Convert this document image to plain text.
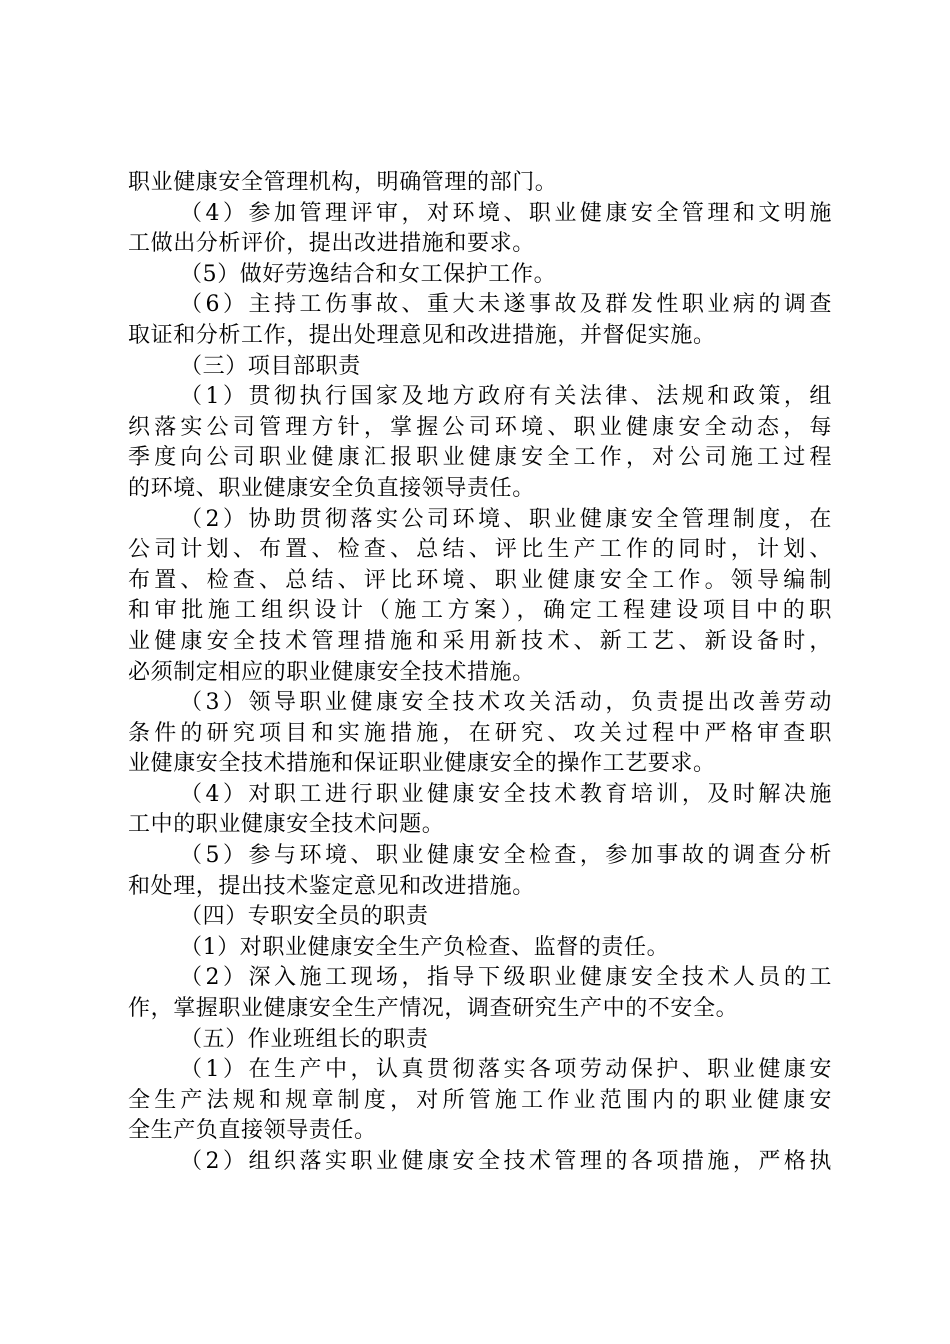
职业健康安全管理机构，明确管理的部门。
（4）参加管理评审，对环境、职业健康安全管理和文明施
工做出分析评价，提出改进措施和要求。
（5）做好劳逸结合和女工保护工作。
（6）主持工伤事故、重大未遂事故及群发性职业病的调查
取证和分析工作，提出处理意见和改进措施，并督促实施。
（三）项目部职责
（1）贯彻执行国家及地方政府有关法律、法规和政策，组
织落实公司管理方针，掌握公司环境、职业健康安全动态，每
季度向公司职业健康汇报职业健康安全工作，对公司施工过程
的环境、职业健康安全负直接领导责任。
（2）协助贯彻落实公司环境、职业健康安全管理制度，在
公司计划、布置、检查、总结、评比生产工作的同时，计划、
布置、检查、总结、评比环境、职业健康安全工作。领导编制
和审批施工组织设计（施工方案），确定工程建设项目中的职
业健康安全技术管理措施和采用新技术、新工艺、新设备时，
必须制定相应的职业健康安全技术措施。
（3）领导职业健康安全技术攻关活动，负责提出改善劳动
条件的研究项目和实施措施，在研究、攻关过程中严格审查职
业健康安全技术措施和保证职业健康安全的操作工艺要求。
（4）对职工进行职业健康安全技术教育培训，及时解决施
工中的职业健康安全技术问题。
（5）参与环境、职业健康安全检查，参加事故的调查分析
和处理，提出技术鉴定意见和改进措施。
（四）专职安全员的职责
（1）对职业健康安全生产负检查、监督的责任。
（2）深入施工现场，指导下级职业健康安全技术人员的工
作，掌握职业健康安全生产情况，调查研究生产中的不安全。
（五）作业班组长的职责
（1）在生产中，认真贯彻落实各项劳动保护、职业健康安
全生产法规和规章制度，对所管施工作业范围内的职业健康安
全生产负直接领导责任。
（2）组织落实职业健康安全技术管理的各项措施，严格执
